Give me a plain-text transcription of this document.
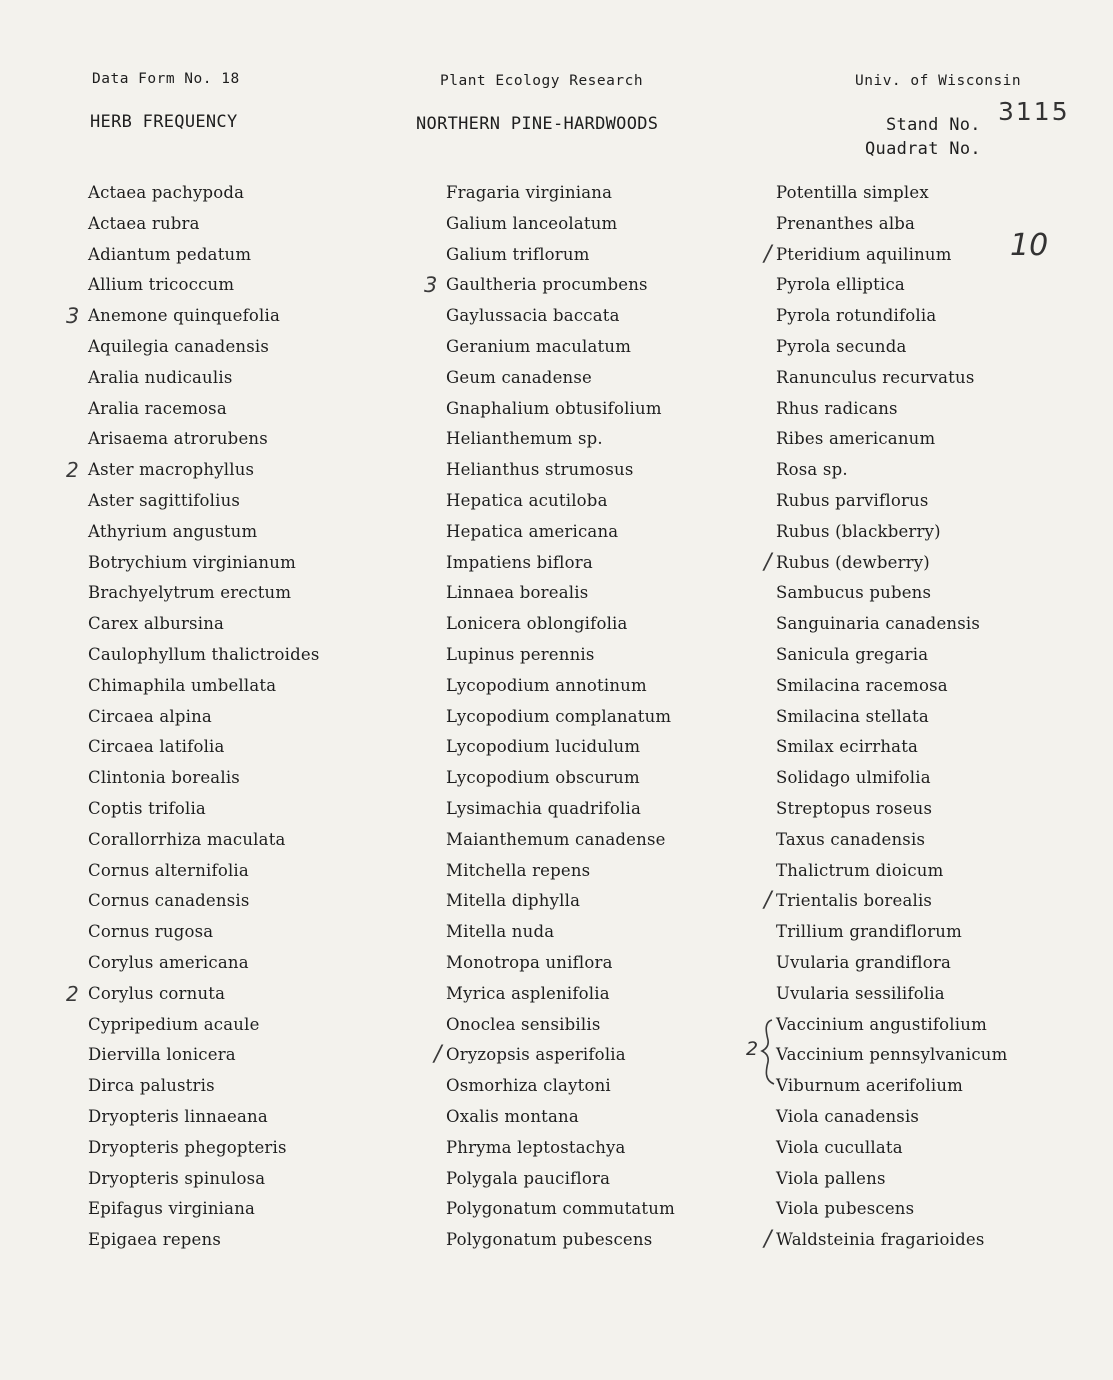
Data Form No. 18	Plant Ecology Research	Univ. of Wisconsin
HERB FREQUENCY	NORTHERN PINE-HARDWOODS	Stand No. 3115
Quadrat No.
Actaea pachypoda
Actaea rubra
Adiantum pedatum
Allium tricoccum
3 Anemone quinquefolia
Aquilegia canadensis
Aralia nudicaulis
Aralia racemosa
Arisaema atrorubens
2 Aster macrophyllus
Aster sagittifolius
Athyrium angustum
Botrychium virginianum
Brachyelytrum erectum
Carex albursina
Caulophyllum thalictroides
Chimaphila umbellata
Circaea alpina
Circaea latifolia
Clintonia borealis
Coptis trifolia
Corallorrhiza maculata
Cornus alternifolia
Cornus canadensis
Cornus rugosa
Corylus americana
2 Corylus cornuta
Cypripedium acaule
Diervilla lonicera
Dirca palustris
Dryopteris linnaeana
Dryopteris phegopteris
Dryopteris spinulosa
Epifagus virginiana
Epigaea repens
Fragaria virginiana
Galium lanceolatum
Galium triflorum
3 Gaultheria procumbens
Gaylussacia baccata
Geranium maculatum
Geum canadense
Gnaphalium obtusifolium
Helianthemum sp.
Helianthus strumosus
Hepatica acutiloba
Hepatica americana
Impatiens biflora
Linnaea borealis
Lonicera oblongifolia
Lupinus perennis
Lycopodium annotinum
Lycopodium complanatum
Lycopodium lucidulum
Lycopodium obscurum
Lysimachia quadrifolia
Maianthemum canadense
Mitchella repens
Mitella diphylla
Mitella nuda
Monotropa uniflora
Myrica asplenifolia
Onoclea sensibilis
/ Oryzopsis asperifolia
Osmorhiza claytoni
Oxalis montana
Phryma leptostachya
Polygala pauciflora
Polygonatum commutatum
Polygonatum pubescens
Potentilla simplex
Prenanthes alba
/ Pteridium aquilinum
Pyrola elliptica
Pyrola rotundifolia
Pyrola secunda
Ranunculus recurvatus
Rhus radicans
Ribes americanum
Rosa sp.
Rubus parviflorus
Rubus (blackberry)
/ Rubus (dewberry)
Sambucus pubens
Sanguinaria canadensis
Sanicula gregaria
Smilacina racemosa
Smilacina stellata
Smilax ecirrhata
Solidago ulmifolia
Streptopus roseus
Taxus canadensis
Thalictrum dioicum
/ Trientalis borealis
Trillium grandiflorum
Uvularia grandiflora
Uvularia sessilifolia
Vaccinium angustifolium
Vaccinium pennsylvanicum
Viburnum acerifolium
Viola canadensis
Viola cucullata
Viola pallens
Viola pubescens
/ Waldsteinia fragarioides
10
2
